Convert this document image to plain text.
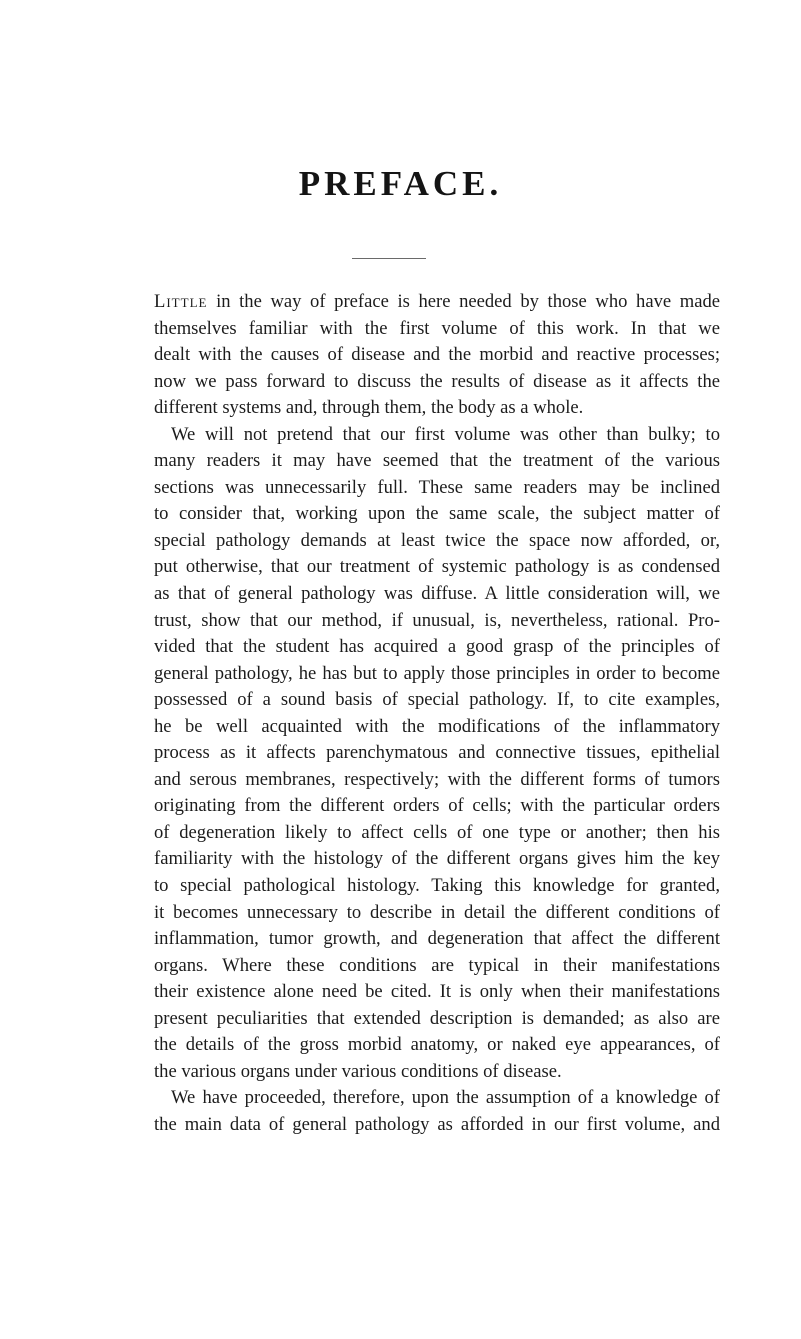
PREFACE.
Little in the way of preface is here needed by those who have made
themselves familiar with the first volume of this work. In that we
dealt with the causes of disease and the morbid and reactive processes;
now we pass forward to discuss the results of disease as it affects the
different systems and, through them, the body as a whole.
We will not pretend that our first volume was other than bulky; to
many readers it may have seemed that the treatment of the various
sections was unnecessarily full. These same readers may be inclined
to consider that, working upon the same scale, the subject matter of
special pathology demands at least twice the space now afforded, or,
put otherwise, that our treatment of systemic pathology is as condensed
as that of general pathology was diffuse. A little consideration will, we
trust, show that our method, if unusual, is, nevertheless, rational. Pro-
vided that the student has acquired a good grasp of the principles of
general pathology, he has but to apply those principles in order to become
possessed of a sound basis of special pathology. If, to cite examples,
he be well acquainted with the modifications of the inflammatory
process as it affects parenchymatous and connective tissues, epithelial
and serous membranes, respectively; with the different forms of tumors
originating from the different orders of cells; with the particular orders
of degeneration likely to affect cells of one type or another; then his
familiarity with the histology of the different organs gives him the key
to special pathological histology. Taking this knowledge for granted,
it becomes unnecessary to describe in detail the different conditions of
inflammation, tumor growth, and degeneration that affect the different
organs. Where these conditions are typical in their manifestations
their existence alone need be cited. It is only when their manifestations
present peculiarities that extended description is demanded; as also are
the details of the gross morbid anatomy, or naked eye appearances, of
the various organs under various conditions of disease.
We have proceeded, therefore, upon the assumption of a knowledge of
the main data of general pathology as afforded in our first volume, and
